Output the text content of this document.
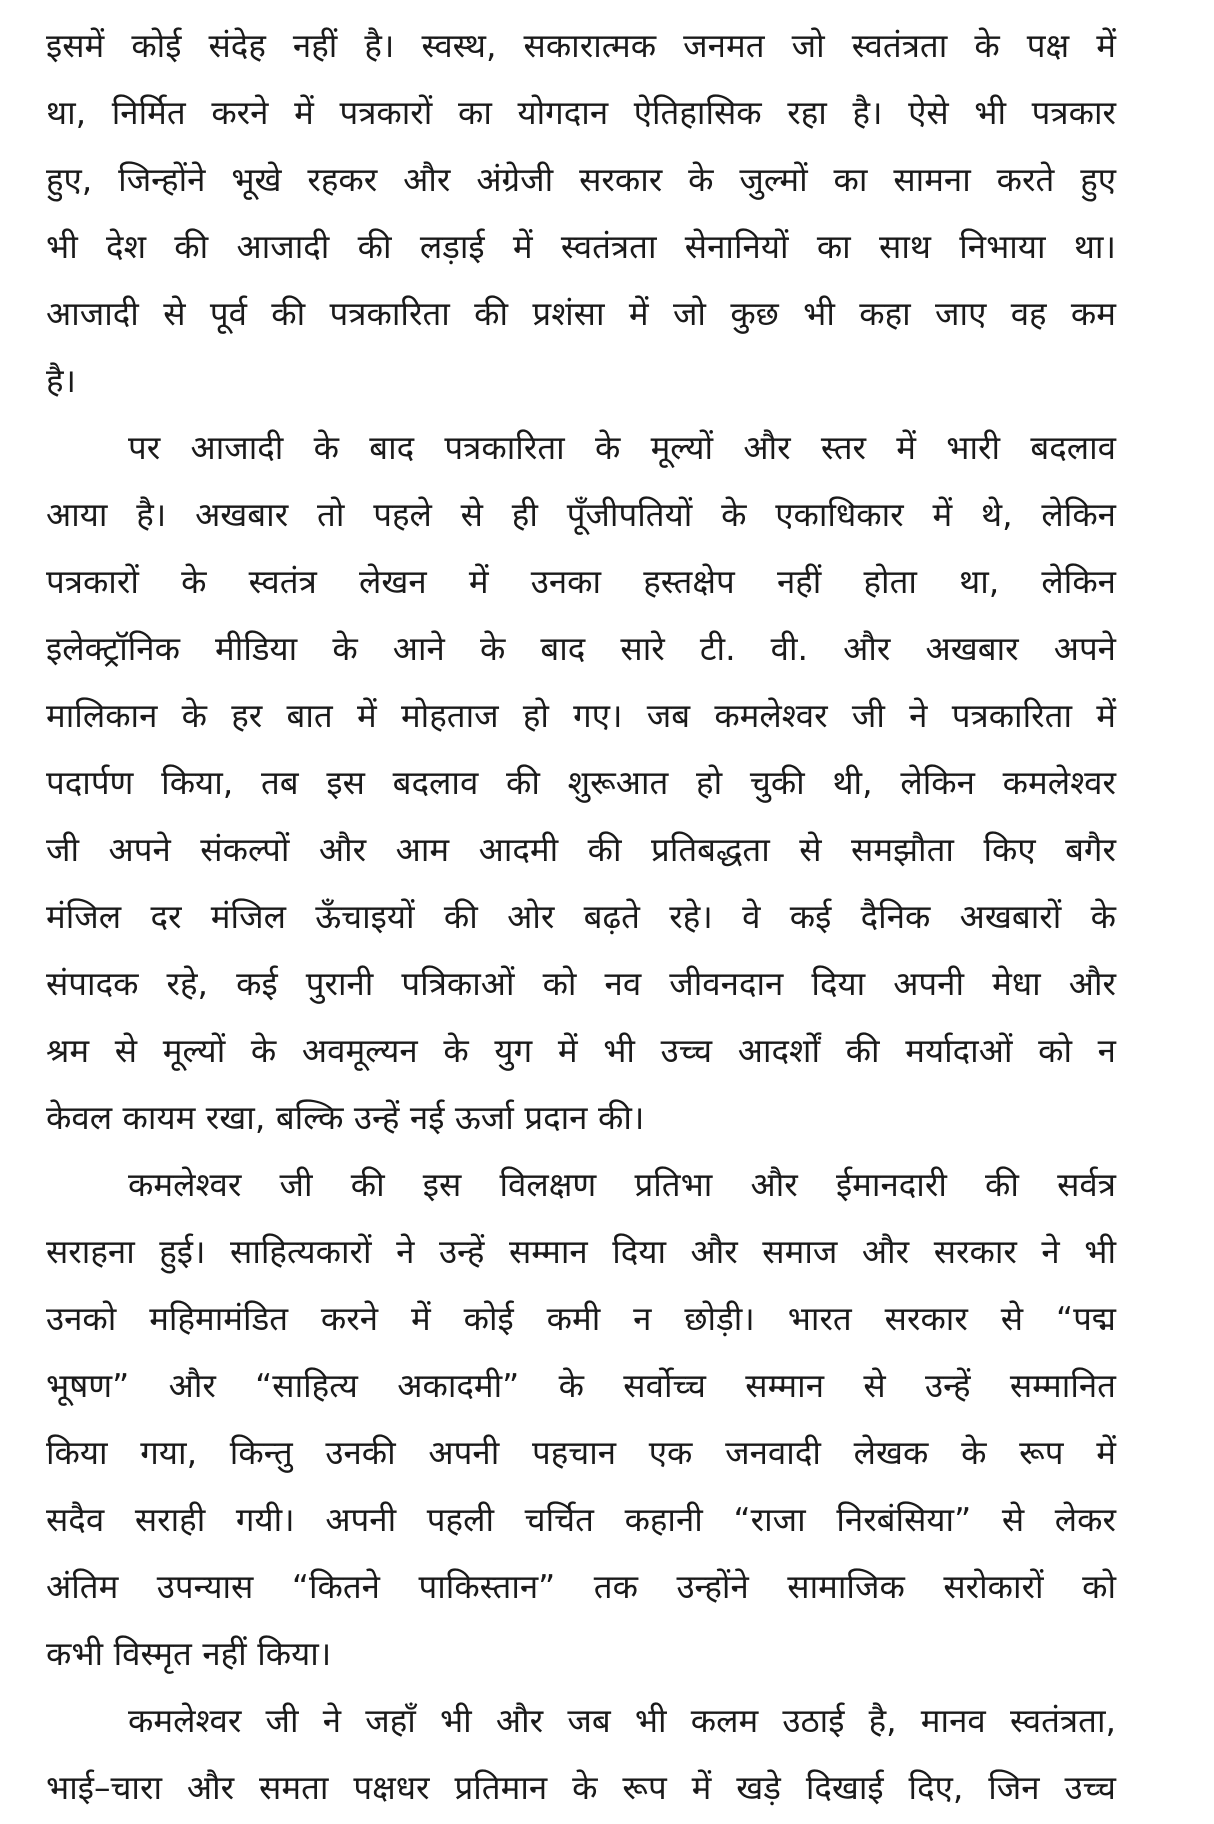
इसमें कोई संदेह नहीं है। स्वस्थ, सकारात्मक जनमत जो स्वतंत्रता के पक्ष में
था, निर्मित करने में पत्रकारों का योगदान ऐतिहासिक रहा है। ऐसे भी पत्रकार
हुए, जिन्होंने भूखे रहकर और अंग्रेजी सरकार के जुल्मों का सामना करते हुए
भी देश की आजादी की लड़ाई में स्वतंत्रता सेनानियों का साथ निभाया था।
आजादी से पूर्व की पत्रकारिता की प्रशंसा में जो कुछ भी कहा जाए वह कम
है।
पर आजादी के बाद पत्रकारिता के मूल्यों और स्तर में भारी बदलाव
आया है। अखबार तो पहले से ही पूँजीपतियों के एकाधिकार में थे, लेकिन
पत्रकारों के स्वतंत्र लेखन में उनका हस्तक्षेप नहीं होता था, लेकिन
इलेक्ट्रॉनिक मीडिया के आने के बाद सारे टी. वी. और अखबार अपने
मालिकान के हर बात में मोहताज हो गए। जब कमलेश्वर जी ने पत्रकारिता में
पदार्पण किया, तब इस बदलाव की शुरूआत हो चुकी थी, लेकिन कमलेश्वर
जी अपने संकल्पों और आम आदमी की प्रतिबद्धता से समझौता किए बगैर
मंजिल दर मंजिल ऊँचाइयों की ओर बढ़ते रहे। वे कई दैनिक अखबारों के
संपादक रहे, कई पुरानी पत्रिकाओं को नव जीवनदान दिया अपनी मेधा और
श्रम से मूल्यों के अवमूल्यन के युग में भी उच्च आदर्शों की मर्यादाओं को न
केवल कायम रखा, बल्कि उन्हें नई ऊर्जा प्रदान की।
कमलेश्वर जी की इस विलक्षण प्रतिभा और ईमानदारी की सर्वत्र
सराहना हुई। साहित्यकारों ने उन्हें सम्मान दिया और समाज और सरकार ने भी
उनको महिमामंडित करने में कोई कमी न छोड़ी। भारत सरकार से “पद्म
भूषण” और “साहित्य अकादमी” के सर्वोच्च सम्मान से उन्हें सम्मानित
किया गया, किन्तु उनकी अपनी पहचान एक जनवादी लेखक के रूप में
सदैव सराही गयी। अपनी पहली चर्चित कहानी “राजा निरबंसिया” से लेकर
अंतिम उपन्यास “कितने पाकिस्तान” तक उन्होंने सामाजिक सरोकारों को
कभी विस्मृत नहीं किया।
कमलेश्वर जी ने जहाँ भी और जब भी कलम उठाई है, मानव स्वतंत्रता,
भाई–चारा और समता पक्षधर प्रतिमान के रूप में खड़े दिखाई दिए, जिन उच्च
